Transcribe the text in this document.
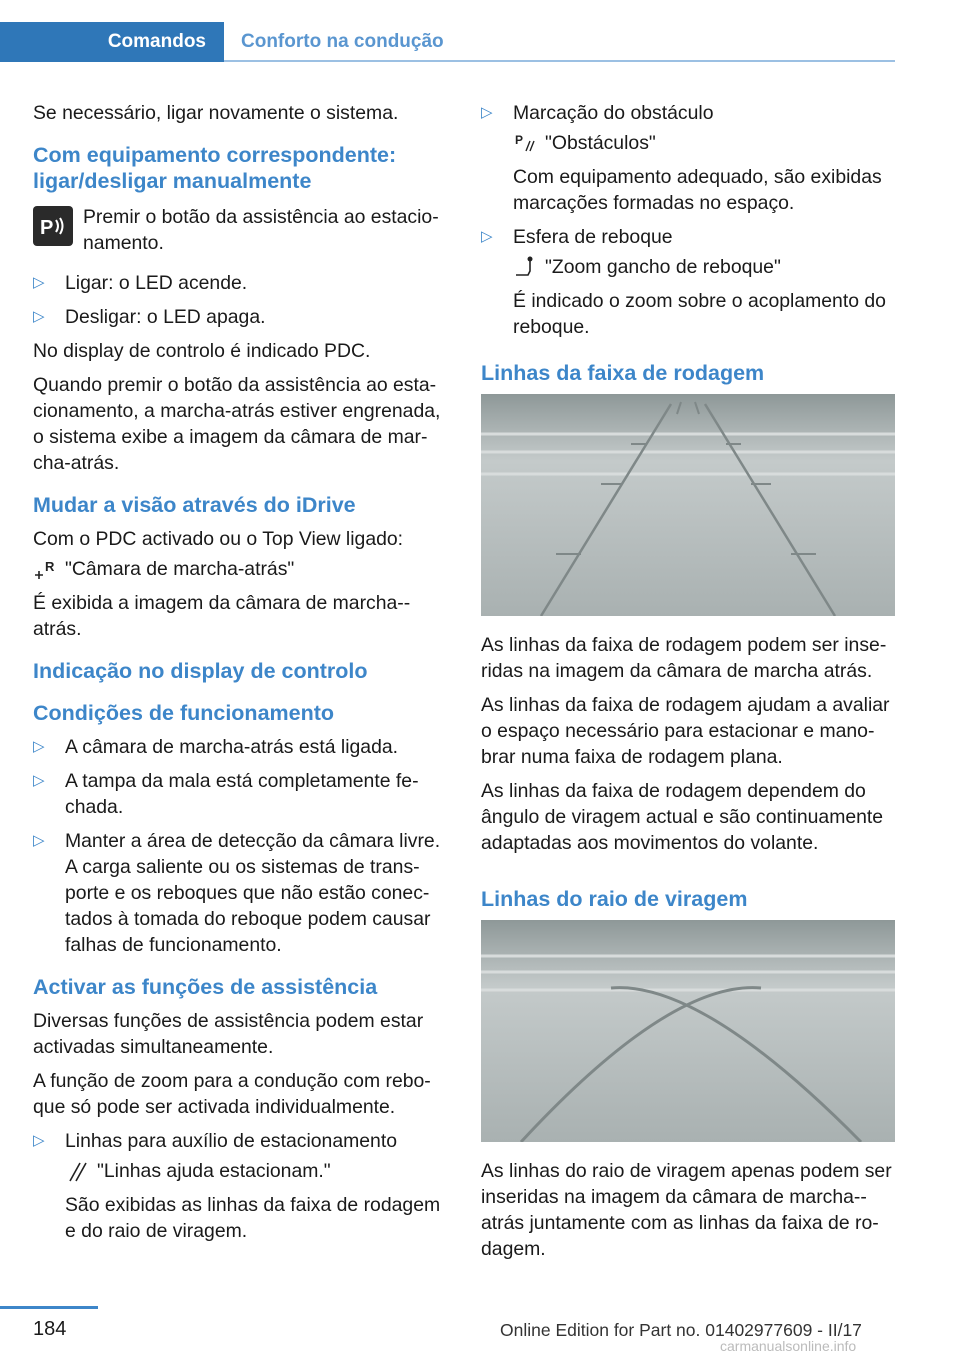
Comandos Conforto na condução

Se necessário, ligar novamente o sistema.

Com equipamento correspondente: ligar/desligar manualmente
P Premir o botão da assistência ao estacio-namento.

▷ Ligar: o LED acende.
▷ Desligar: o LED apaga.

No display de controlo é indicado PDC.

Quando premir o botão da assistência ao esta-cionamento, a marcha-atrás estiver engrenada, o sistema exibe a imagem da câmara de mar-cha-atrás.

Mudar a visão através do iDrive

Com o PDC activado ou o Top View ligado:

R "Câmara de marcha-atrás"

É exibida a imagem da câmara de marcha--atrás.

Indicação no display de controlo
Condições de funcionamento
▷ A câmara de marcha-atrás está ligada.
▷ A tampa da mala está completamente fe-chada.
▷ Manter a área de detecção da câmara livre. A carga saliente ou os sistemas de trans-porte e os reboques que não estão conec-tados à tomada do reboque podem causar falhas de funcionamento.
Activar as funções de assistência

Diversas funções de assistência podem estar activadas simultaneamente.

A função de zoom para a condução com rebo-que só pode ser activada individualmente.

▷ Linhas para auxílio de estacionamento
"Linhas ajuda estacionam."

São exibidas as linhas da faixa de rodagem e do raio de viragem.

▷ Marcação do obstáculo
P "Obstáculos"

Com equipamento adequado, são exibidas marcações formadas no espaço.

▷ Esfera de reboque
"Zoom gancho de reboque"

É indicado o zoom sobre o acoplamento do reboque.

Linhas da faixa de rodagem

As linhas da faixa de rodagem podem ser inse-ridas na imagem da câmara de marcha atrás.

As linhas da faixa de rodagem ajudam a avaliar o espaço necessário para estacionar e mano-brar numa faixa de rodagem plana.

As linhas da faixa de rodagem dependem do ângulo de viragem actual e são continuamente adaptadas aos movimentos do volante.

Linhas do raio de viragem

As linhas do raio de viragem apenas podem ser inseridas na imagem da câmara de marcha--atrás juntamente com as linhas da faixa de ro-dagem.

184	Online Edition for Part no. 01402977609 - II/17
carmanualsonline.info
